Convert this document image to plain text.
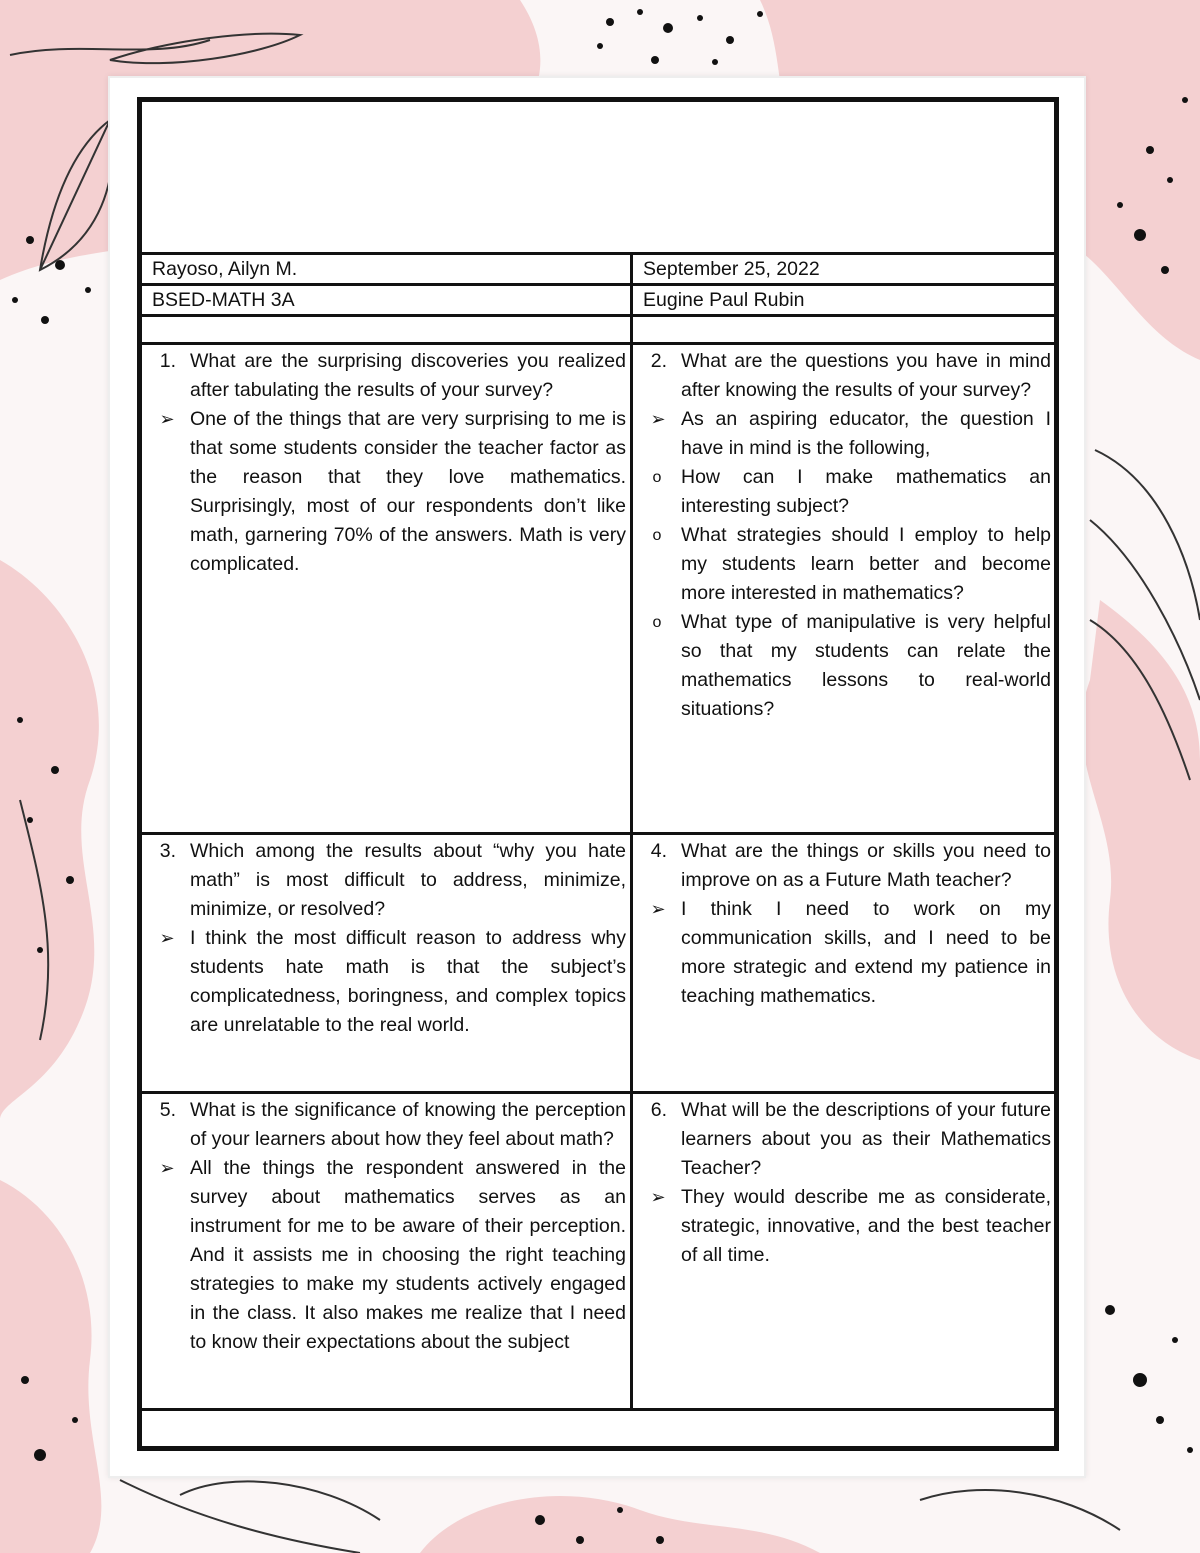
Rayoso, Ailyn M.	September 25, 2022
BSED-MATH 3A	Eugine Paul Rubin
1. What are the surprising discoveries you realized after tabulating the results of your survey?
➢ One of the things that are very surprising to me is that some students consider the teacher factor as the reason that they love mathematics. Surprisingly, most of our respondents don’t like math, garnering 70% of the answers. Math is very complicated.
2. What are the questions you have in mind after knowing the results of your survey?
➢ As an aspiring educator, the question I have in mind is the following,
o	How can I make mathematics an interesting subject?
o	What strategies should I employ to help my students learn better and become more interested in mathematics?
o	What type of manipulative is very helpful so that my students can relate the mathematics lessons to real-world situations?
3. Which among the results about “why you hate math” is most difficult to address, minimize, minimize, or resolved?
➢ I think the most difficult reason to address why students hate math is that the subject’s complicatedness, boringness, and complex topics are unrelatable to the real world.
4. What are the things or skills you need to improve on as a Future Math teacher?
➢ I think I need to work on my communication skills, and I need to be more strategic and extend my patience in teaching mathematics.
5. What is the significance of knowing the perception of your learners about how they feel about math?
➢ All the things the respondent answered in the survey about mathematics serves as an instrument for me to be aware of their perception. And it assists me in choosing the right teaching strategies to make my students actively engaged in the class. It also makes me realize that I need to know their expectations about the subject
6. What will be the descriptions of your future learners about you as their Mathematics Teacher?
➢ They would describe me as considerate, strategic, innovative, and the best teacher of all time.
